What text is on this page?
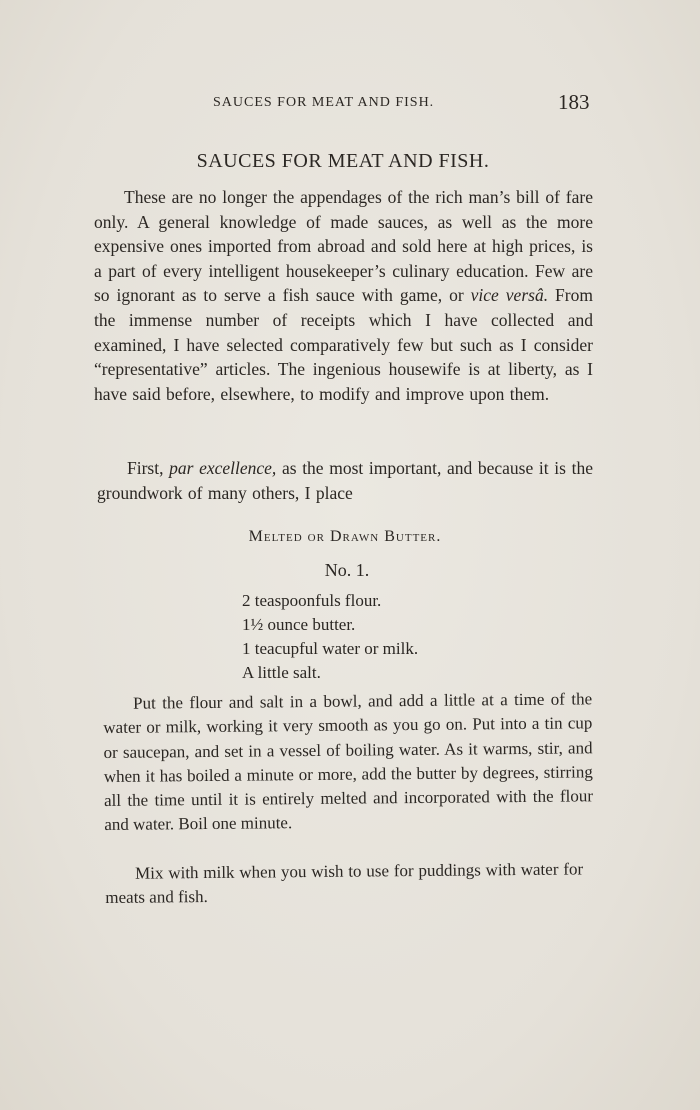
SAUCES FOR MEAT AND FISH.	183
SAUCES FOR MEAT AND FISH.
These are no longer the appendages of the rich man’s bill of fare only. A general knowledge of made sauces, as well as the more expensive ones imported from abroad and sold here at high prices, is a part of every intelligent housekeeper’s culinary education. Few are so ignorant as to serve a fish sauce with game, or vice versâ. From the immense number of receipts which I have collected and examined, I have selected comparatively few but such as I consider “representative” articles. The ingenious housewife is at liberty, as I have said before, elsewhere, to modify and improve upon them.
First, par excellence, as the most important, and because it is the groundwork of many others, I place
Melted or Drawn Butter.
No. 1.
2 teaspoonfuls flour.
1½ ounce butter.
1 teacupful water or milk.
A little salt.
Put the flour and salt in a bowl, and add a little at a time of the water or milk, working it very smooth as you go on. Put into a tin cup or saucepan, and set in a vessel of boiling water. As it warms, stir, and when it has boiled a minute or more, add the butter by degrees, stirring all the time until it is entirely melted and incorporated with the flour and water. Boil one minute.
Mix with milk when you wish to use for puddings with water for meats and fish.
